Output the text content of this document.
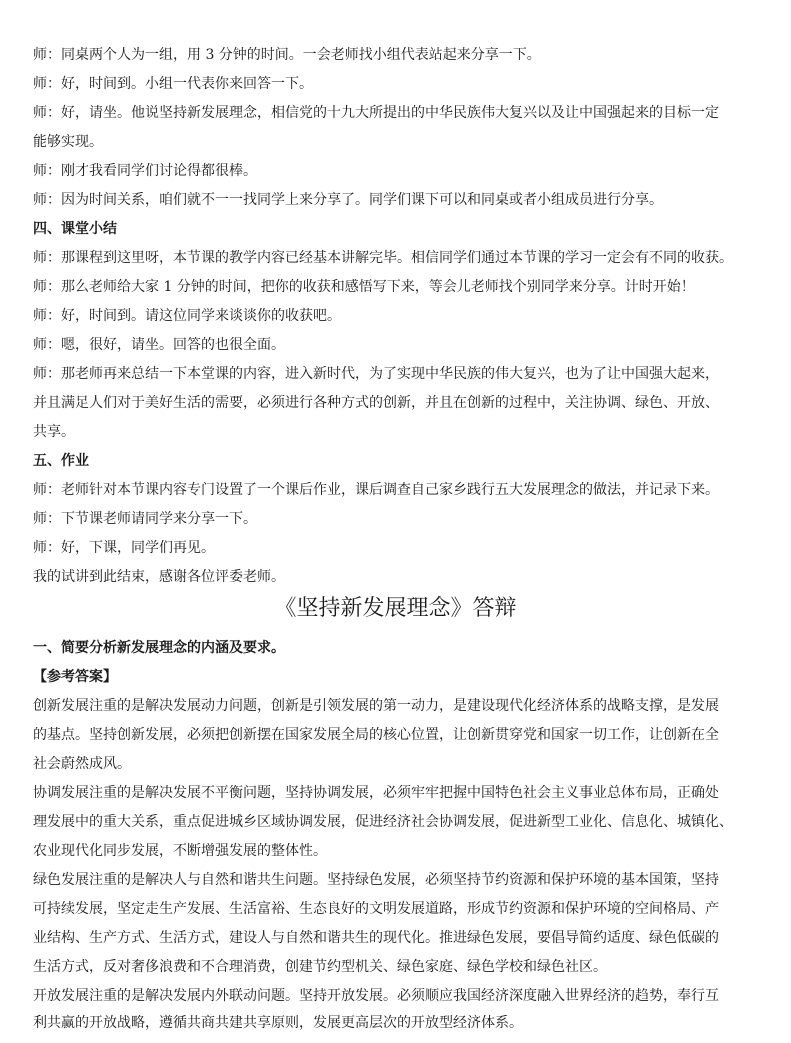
师：同桌两个人为一组，用 3 分钟的时间。一会老师找小组代表站起来分享一下。
师：好，时间到。小组一代表你来回答一下。
师：好，请坐。他说坚持新发展理念，相信党的十九大所提出的中华民族伟大复兴以及让中国强起来的目标一定
能够实现。
师：刚才我看同学们讨论得都很棒。
师：因为时间关系，咱们就不一一找同学上来分享了。同学们课下可以和同桌或者小组成员进行分享。
四、课堂小结
师：那课程到这里呀，本节课的教学内容已经基本讲解完毕。相信同学们通过本节课的学习一定会有不同的收获。
师：那么老师给大家 1 分钟的时间，把你的收获和感悟写下来，等会儿老师找个别同学来分享。计时开始！
师：好，时间到。请这位同学来谈谈你的收获吧。
师：嗯，很好，请坐。回答的也很全面。
师：那老师再来总结一下本堂课的内容，进入新时代，为了实现中华民族的伟大复兴，也为了让中国强大起来，
并且满足人们对于美好生活的需要，必须进行各种方式的创新，并且在创新的过程中，关注协调、绿色、开放、
共享。
五、作业
师：老师针对本节课内容专门设置了一个课后作业，课后调查自己家乡践行五大发展理念的做法，并记录下来。
师：下节课老师请同学来分享一下。
师：好，下课，同学们再见。
我的试讲到此结束，感谢各位评委老师。
《坚持新发展理念》答辩
一、简要分析新发展理念的内涵及要求。
【参考答案】
创新发展注重的是解决发展动力问题，创新是引领发展的第一动力，是建设现代化经济体系的战略支撑，是发展
的基点。坚持创新发展，必须把创新摆在国家发展全局的核心位置，让创新贯穿党和国家一切工作，让创新在全
社会蔚然成风。
协调发展注重的是解决发展不平衡问题，坚持协调发展，必须牢牢把握中国特色社会主义事业总体布局，正确处
理发展中的重大关系，重点促进城乡区域协调发展，促进经济社会协调发展，促进新型工业化、信息化、城镇化、
农业现代化同步发展，不断增强发展的整体性。
绿色发展注重的是解决人与自然和谐共生问题。坚持绿色发展，必须坚持节约资源和保护环境的基本国策，坚持
可持续发展，坚定走生产发展、生活富裕、生态良好的文明发展道路，形成节约资源和保护环境的空间格局、产
业结构、生产方式、生活方式，建设人与自然和谐共生的现代化。推进绿色发展，要倡导简约适度、绿色低碳的
生活方式，反对奢侈浪费和不合理消费，创建节约型机关、绿色家庭、绿色学校和绿色社区。
开放发展注重的是解决发展内外联动问题。坚持开放发展。必须顺应我国经济深度融入世界经济的趋势，奉行互
利共赢的开放战略，遵循共商共建共享原则，发展更高层次的开放型经济体系。
